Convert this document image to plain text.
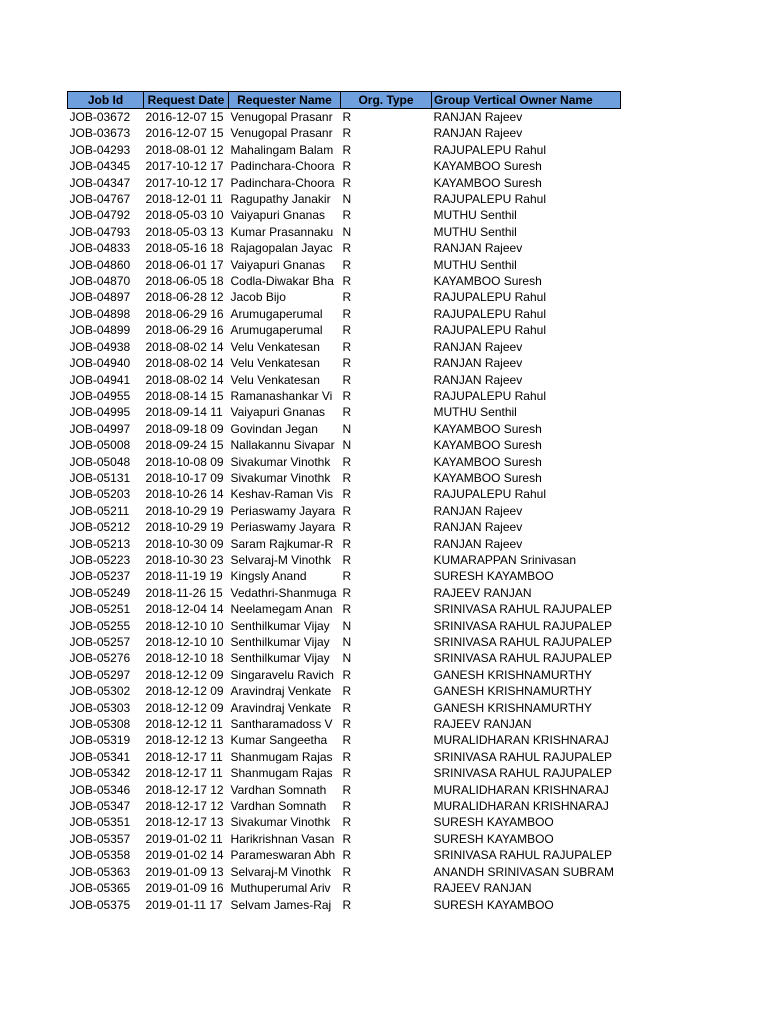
Job Id	Request Date	Requester Name	Org. Type	Group Vertical Owner Name
JOB-03672	2016-12-07 15	Venugopal Prasanr	R	RANJAN Rajeev
JOB-03673	2016-12-07 15	Venugopal Prasanr	R	RANJAN Rajeev
JOB-04293	2018-08-01 12	Mahalingam Balam	R	RAJUPALEPU Rahul
JOB-04345	2017-10-12 17	Padinchara-Choora	R	KAYAMBOO Suresh
JOB-04347	2017-10-12 17	Padinchara-Choora	R	KAYAMBOO Suresh
JOB-04767	2018-12-01 11	Ragupathy Janakir	N	RAJUPALEPU Rahul
JOB-04792	2018-05-03 10	Vaiyapuri Gnanas	R	MUTHU Senthil
JOB-04793	2018-05-03 13	Kumar Prasannaku	N	MUTHU Senthil
JOB-04833	2018-05-16 18	Rajagopalan Jayac	R	RANJAN Rajeev
JOB-04860	2018-06-01 17	Vaiyapuri Gnanas	R	MUTHU Senthil
JOB-04870	2018-06-05 18	Codla-Diwakar Bha	R	KAYAMBOO Suresh
JOB-04897	2018-06-28 12	Jacob Bijo	R	RAJUPALEPU Rahul
JOB-04898	2018-06-29 16	Arumugaperumal	R	RAJUPALEPU Rahul
JOB-04899	2018-06-29 16	Arumugaperumal	R	RAJUPALEPU Rahul
JOB-04938	2018-08-02 14	Velu Venkatesan	R	RANJAN Rajeev
JOB-04940	2018-08-02 14	Velu Venkatesan	R	RANJAN Rajeev
JOB-04941	2018-08-02 14	Velu Venkatesan	R	RANJAN Rajeev
JOB-04955	2018-08-14 15	Ramanashankar Vi	R	RAJUPALEPU Rahul
JOB-04995	2018-09-14 11	Vaiyapuri Gnanas	R	MUTHU Senthil
JOB-04997	2018-09-18 09	Govindan Jegan	N	KAYAMBOO Suresh
JOB-05008	2018-09-24 15	Nallakannu Sivapar	N	KAYAMBOO Suresh
JOB-05048	2018-10-08 09	Sivakumar Vinothk	R	KAYAMBOO Suresh
JOB-05131	2018-10-17 09	Sivakumar Vinothk	R	KAYAMBOO Suresh
JOB-05203	2018-10-26 14	Keshav-Raman Vis	R	RAJUPALEPU Rahul
JOB-05211	2018-10-29 19	Periaswamy Jayara	R	RANJAN Rajeev
JOB-05212	2018-10-29 19	Periaswamy Jayara	R	RANJAN Rajeev
JOB-05213	2018-10-30 09	Saram Rajkumar-R	R	RANJAN Rajeev
JOB-05223	2018-10-30 23	Selvaraj-M Vinothk	R	KUMARAPPAN Srinivasan
JOB-05237	2018-11-19 19	Kingsly Anand	R	SURESH KAYAMBOO
JOB-05249	2018-11-26 15	Vedathri-Shanmuga	R	RAJEEV RANJAN
JOB-05251	2018-12-04 14	Neelamegam Anan	R	SRINIVASA RAHUL RAJUPALEP
JOB-05255	2018-12-10 10	Senthilkumar Vijay	N	SRINIVASA RAHUL RAJUPALEP
JOB-05257	2018-12-10 10	Senthilkumar Vijay	N	SRINIVASA RAHUL RAJUPALEP
JOB-05276	2018-12-10 18	Senthilkumar Vijay	N	SRINIVASA RAHUL RAJUPALEP
JOB-05297	2018-12-12 09	Singaravelu Ravich	R	GANESH KRISHNAMURTHY
JOB-05302	2018-12-12 09	Aravindraj Venkate	R	GANESH KRISHNAMURTHY
JOB-05303	2018-12-12 09	Aravindraj Venkate	R	GANESH KRISHNAMURTHY
JOB-05308	2018-12-12 11	Santharamadoss V	R	RAJEEV RANJAN
JOB-05319	2018-12-12 13	Kumar Sangeetha	R	MURALIDHARAN KRISHNARAJ
JOB-05341	2018-12-17 11	Shanmugam Rajas	R	SRINIVASA RAHUL RAJUPALEP
JOB-05342	2018-12-17 11	Shanmugam Rajas	R	SRINIVASA RAHUL RAJUPALEP
JOB-05346	2018-12-17 12	Vardhan Somnath	R	MURALIDHARAN KRISHNARAJ
JOB-05347	2018-12-17 12	Vardhan Somnath	R	MURALIDHARAN KRISHNARAJ
JOB-05351	2018-12-17 13	Sivakumar Vinothk	R	SURESH KAYAMBOO
JOB-05357	2019-01-02 11	Harikrishnan Vasan	R	SURESH KAYAMBOO
JOB-05358	2019-01-02 14	Parameswaran Abh	R	SRINIVASA RAHUL RAJUPALEP
JOB-05363	2019-01-09 13	Selvaraj-M Vinothk	R	ANANDH SRINIVASAN SUBRAM
JOB-05365	2019-01-09 16	Muthuperumal Ariv	R	RAJEEV RANJAN
JOB-05375	2019-01-11 17	Selvam James-Raj	R	SURESH KAYAMBOO
